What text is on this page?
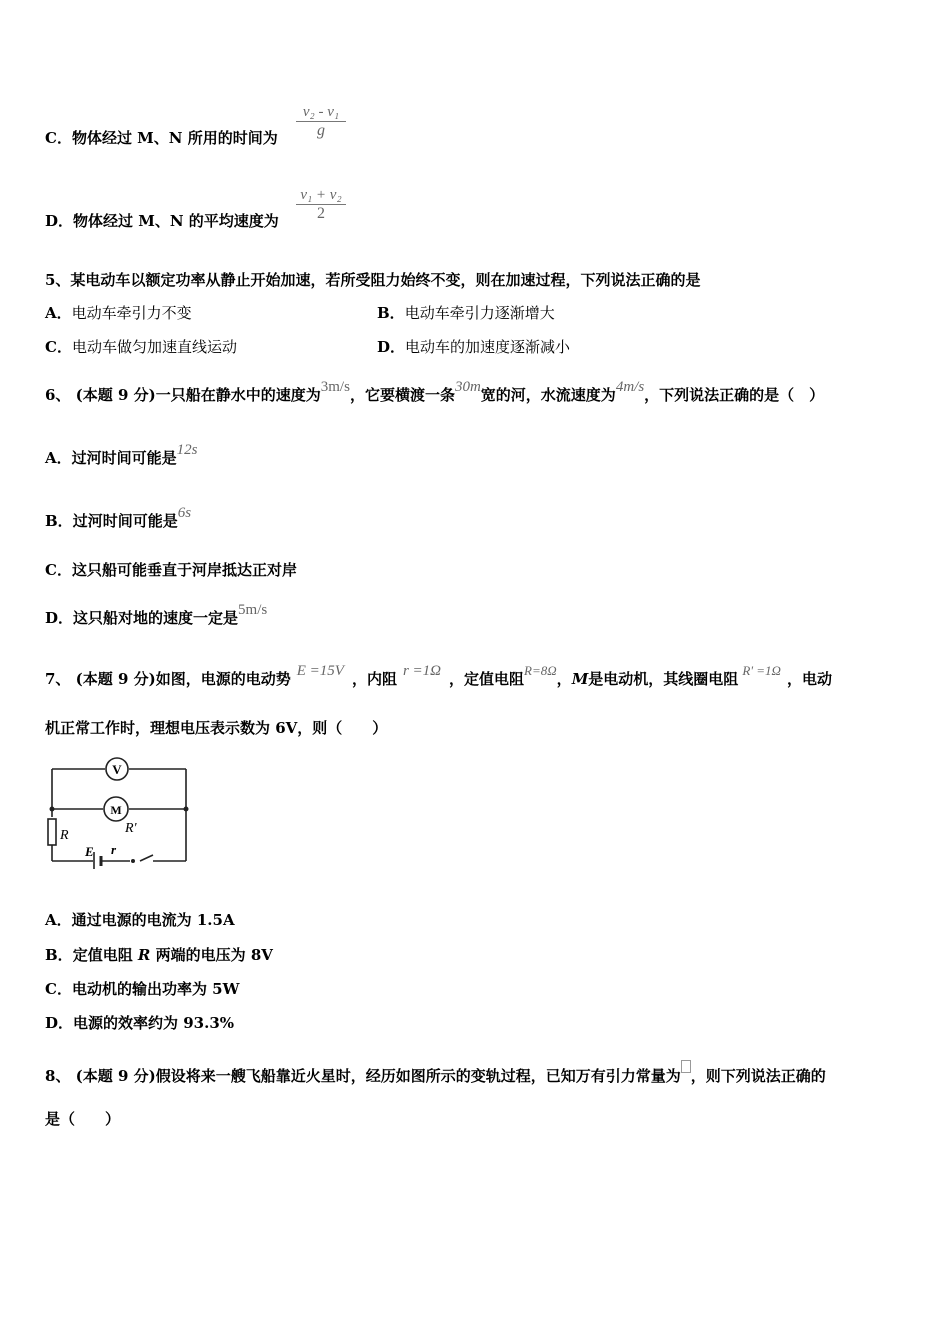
C．物体经过 M、N 所用的时间为 $\frac{\text{v₂ - v₁}}{g}$
D．物体经过 M、N 的平均速度为 $\frac{\text{v₁ + v₂}}{2}$
5、某电动车以额定功率从静止开始加速，若所受阻力始终不变，则在加速过程，下列说法正确的是
A．电动车牵引力不变	B．电动车牵引力逐渐增大
C．电动车做匀加速直线运动	D．电动车的加速度逐渐减小
6、 (本题 9 分)一只船在静水中的速度为3m/s，它要横渡一条30m宽的河，水流速度为4m/s，下列说法正确的是（　）
A．过河时间可能是12s
B．过河时间可能是6s
C．这只船可能垂直于河岸抵达正对岸
D．这只船对地的速度一定是5m/s
7、 (本题 9 分)如图，电源的电动势 E =15V ，内阻 r =1Ω ，定值电阻R=8Ω，M是电动机，其线圈电阻 R' =1Ω ，电动
机正常工作时，理想电压表示数为 6V，则（　　）
V
M
R'
R
E r
A．通过电源的电流为 1.5A
B．定值电阻 R 两端的电压为 8V
C．电动机的输出功率为 5W
D．电源的效率约为 93.3%
8、 (本题 9 分)假设将来一艘飞船靠近火星时，经历如图所示的变轨过程，已知万有引力常量为 ，则下列说法正确的
是（　　）
